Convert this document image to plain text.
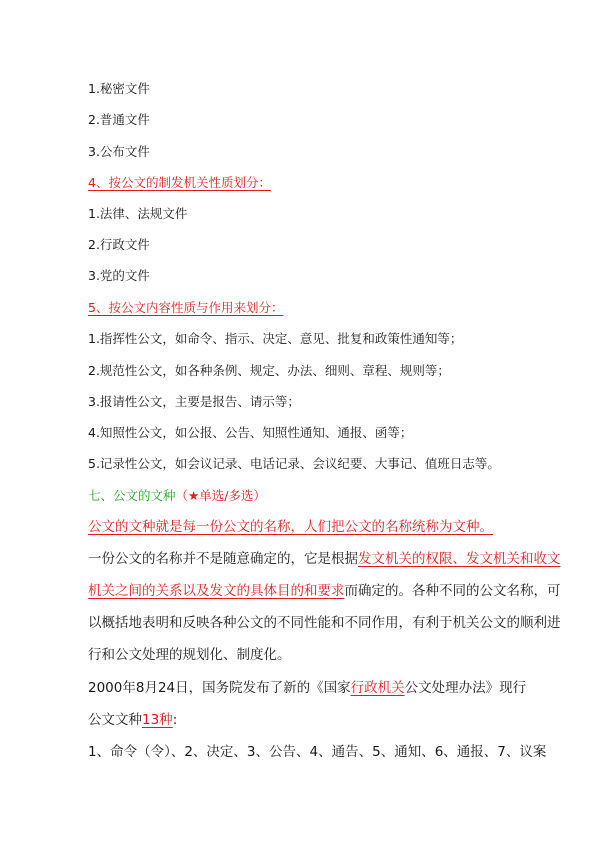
1.秘密文件
2.普通文件
3.公布文件
4、按公文的制发机关性质划分：
1.法律、法规文件
2.行政文件
3.党的文件
5、按公文内容性质与作用来划分：
1.指挥性公文，如命令、指示、决定、意见、批复和政策性通知等；
2.规范性公文，如各种条例、规定、办法、细则、章程、规则等；
3.报请性公文，主要是报告、请示等；
4.知照性公文，如公报、公告、知照性通知、通报、函等；
5.记录性公文，如会议记录、电话记录、会议纪要、大事记、值班日志等。
七、公文的文种（★单选/多选）
公文的文种就是每一份公文的名称，人们把公文的名称统称为文种。
一份公文的名称并不是随意确定的，它是根据发文机关的权限、发文机关和收文
机关之间的关系以及发文的具体目的和要求而确定的。各种不同的公文名称，可
以概括地表明和反映各种公文的不同性能和不同作用，有利于机关公文的顺利进
行和公文处理的规划化、制度化。
2000年8月24日，国务院发布了新的《国家行政机关公文处理办法》现行
公文文种13种:
1、命令（令）、2、决定、3、公告、4、通告、5、通知、6、通报、7、议案
